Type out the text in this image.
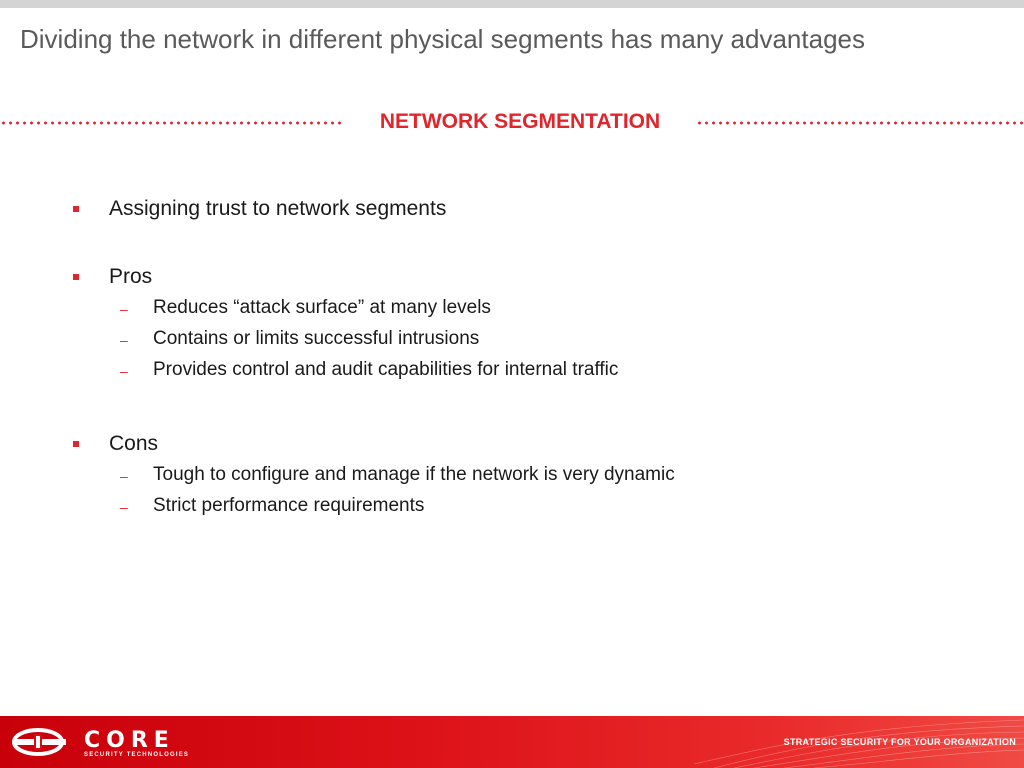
Dividing the network in different physical segments has many advantages
NETWORK SEGMENTATION
Assigning trust to network segments
Pros
– Reduces “attack surface” at many levels
– Contains or limits successful intrusions
– Provides control and audit capabilities for internal traffic
Cons
– Tough to configure and manage if the network is very dynamic
– Strict performance requirements
CORE
SECURITY TECHNOLOGIES
STRATEGIC SECURITY FOR YOUR ORGANIZATION
